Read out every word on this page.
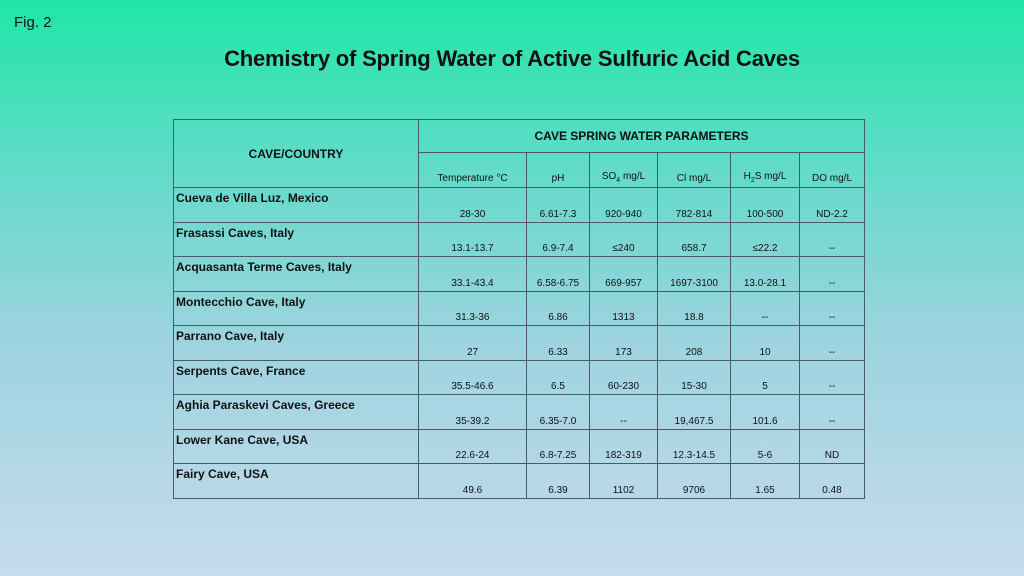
Fig. 2
Chemistry of Spring Water of Active Sulfuric Acid Caves
CAVE/COUNTRY	CAVE SPRING WATER PARAMETERS					
	Temperature °C	pH	$SO_4$ mg/L	Cl mg/L	$H_2S$ mg/L	DO mg/L
Cueva de Villa Luz, Mexico	28-30	6.61-7.3	920-940	782-814	100-500	ND-2.2
Frasassi Caves, Italy	13.1-13.7	6.9-7.4	≤240	658.7	≤22.2	--
Acquasanta Terme Caves, Italy	33.1-43.4	6.58-6.75	669-957	1697-3100	13.0-28.1	--
Montecchio Cave, Italy	31.3-36	6.86	1313	18.8	--	--
Parrano Cave, Italy	27	6.33	173	208	10	--
Serpents Cave, France	35.5-46.6	6.5	60-230	15-30	5	--
Aghia Paraskevi Caves, Greece	35-39.2	6.35-7.0	--	19,467.5	101.6	--
Lower Kane Cave, USA	22.6-24	6.8-7.25	182-319	12.3-14.5	5-6	ND
Fairy Cave, USA	49.6	6.39	1102	9706	1.65	0.48
